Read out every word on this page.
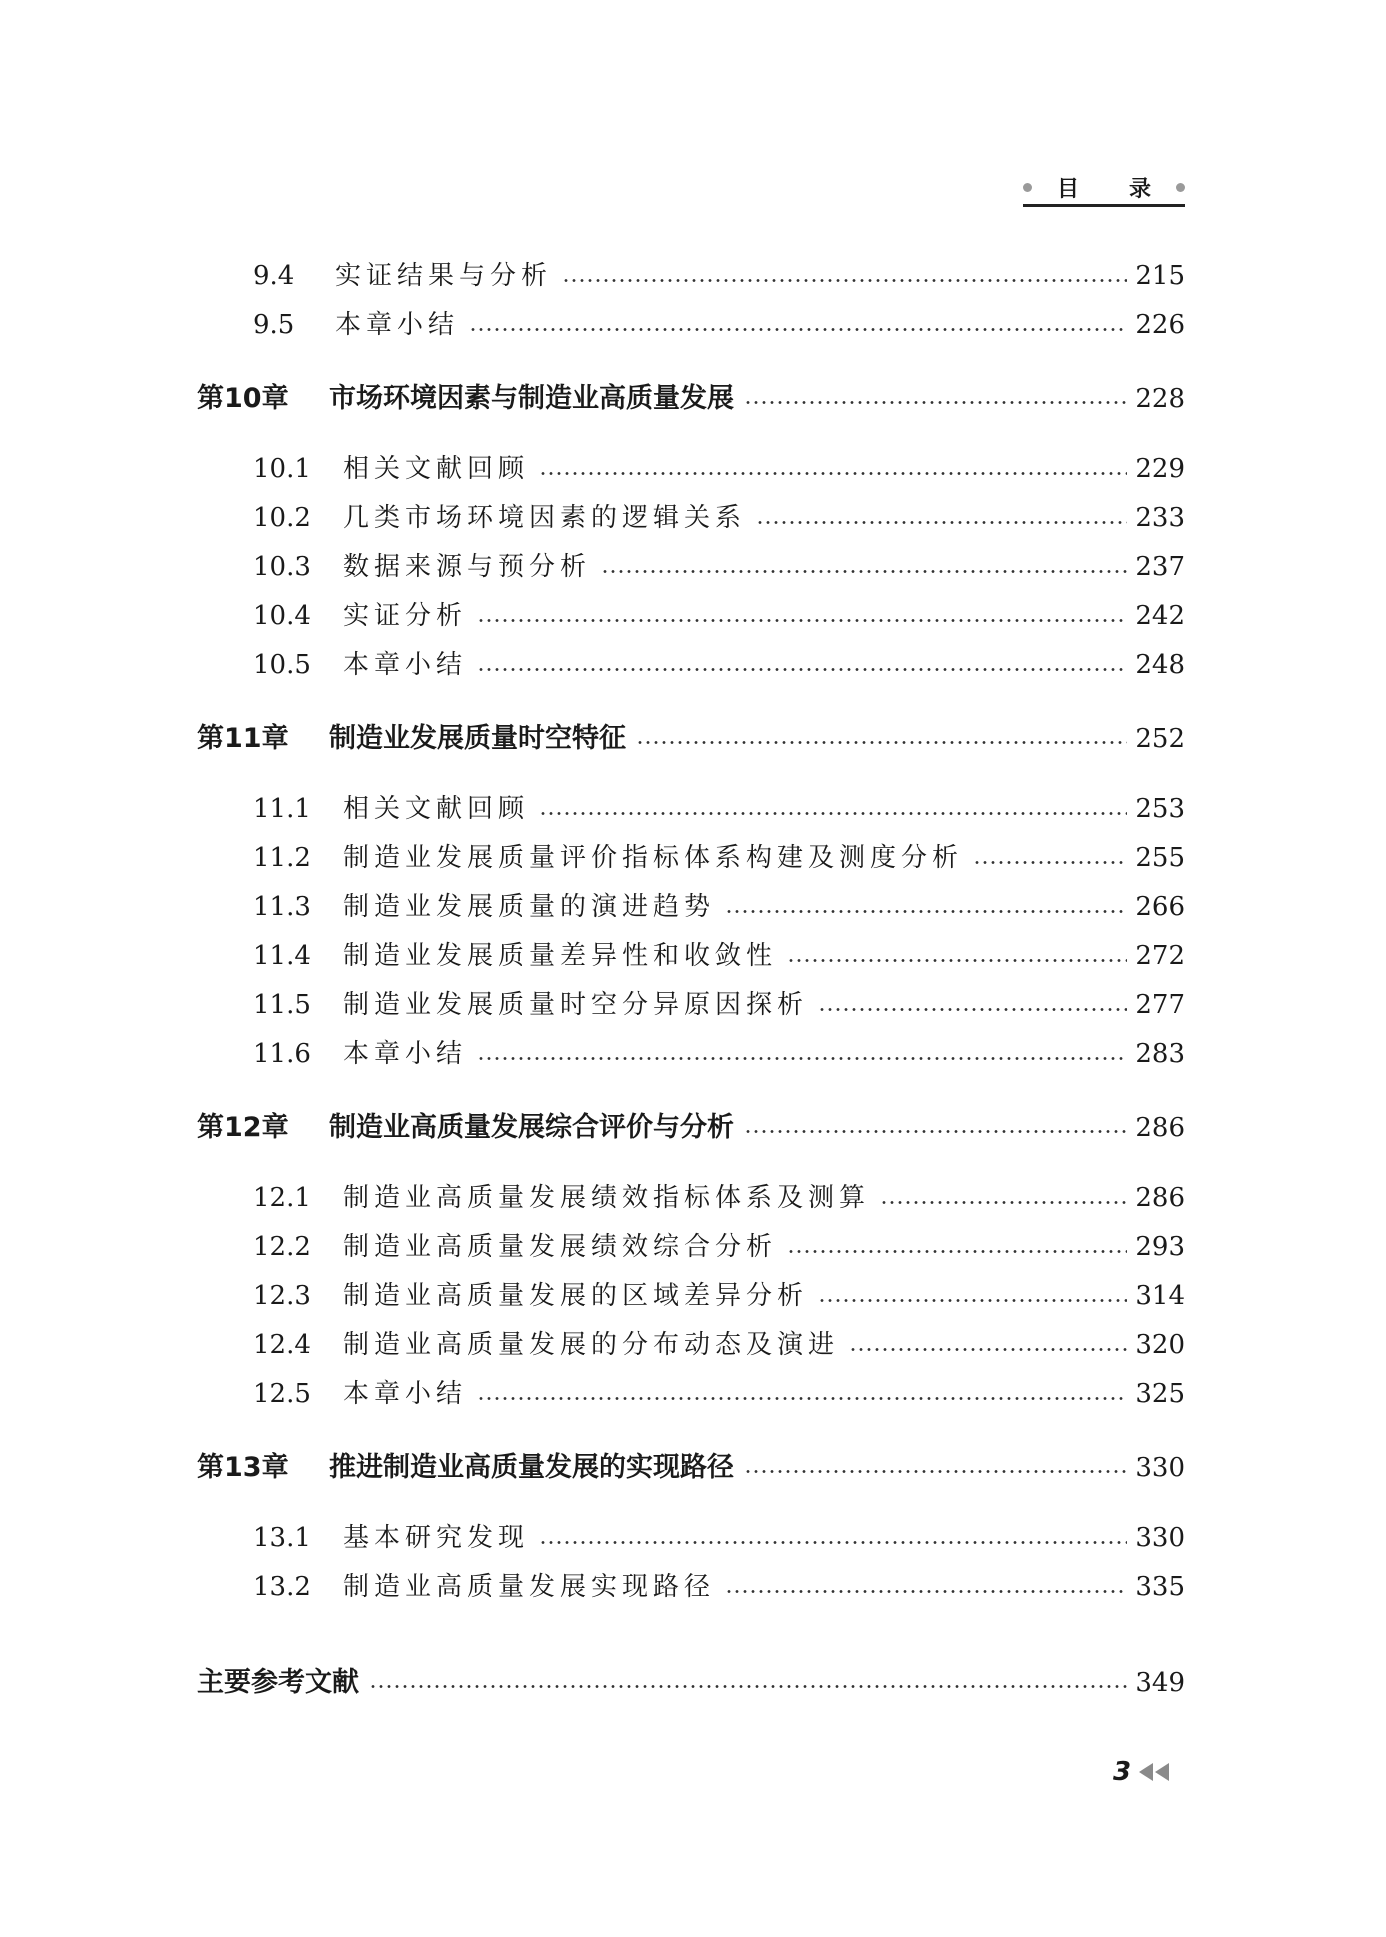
目 录
9.4	实证结果与分析	215
9.5	本章小结	226
第10章	市场环境因素与制造业高质量发展	228
10.1	相关文献回顾	229
10.2	几类市场环境因素的逻辑关系	233
10.3	数据来源与预分析	237
10.4	实证分析	242
10.5	本章小结	248
第11章	制造业发展质量时空特征	252
11.1	相关文献回顾	253
11.2	制造业发展质量评价指标体系构建及测度分析	255
11.3	制造业发展质量的演进趋势	266
11.4	制造业发展质量差异性和收敛性	272
11.5	制造业发展质量时空分异原因探析	277
11.6	本章小结	283
第12章	制造业高质量发展综合评价与分析	286
12.1	制造业高质量发展绩效指标体系及测算	286
12.2	制造业高质量发展绩效综合分析	293
12.3	制造业高质量发展的区域差异分析	314
12.4	制造业高质量发展的分布动态及演进	320
12.5	本章小结	325
第13章	推进制造业高质量发展的实现路径	330
13.1	基本研究发现	330
13.2	制造业高质量发展实现路径	335
主要参考文献	349
3
